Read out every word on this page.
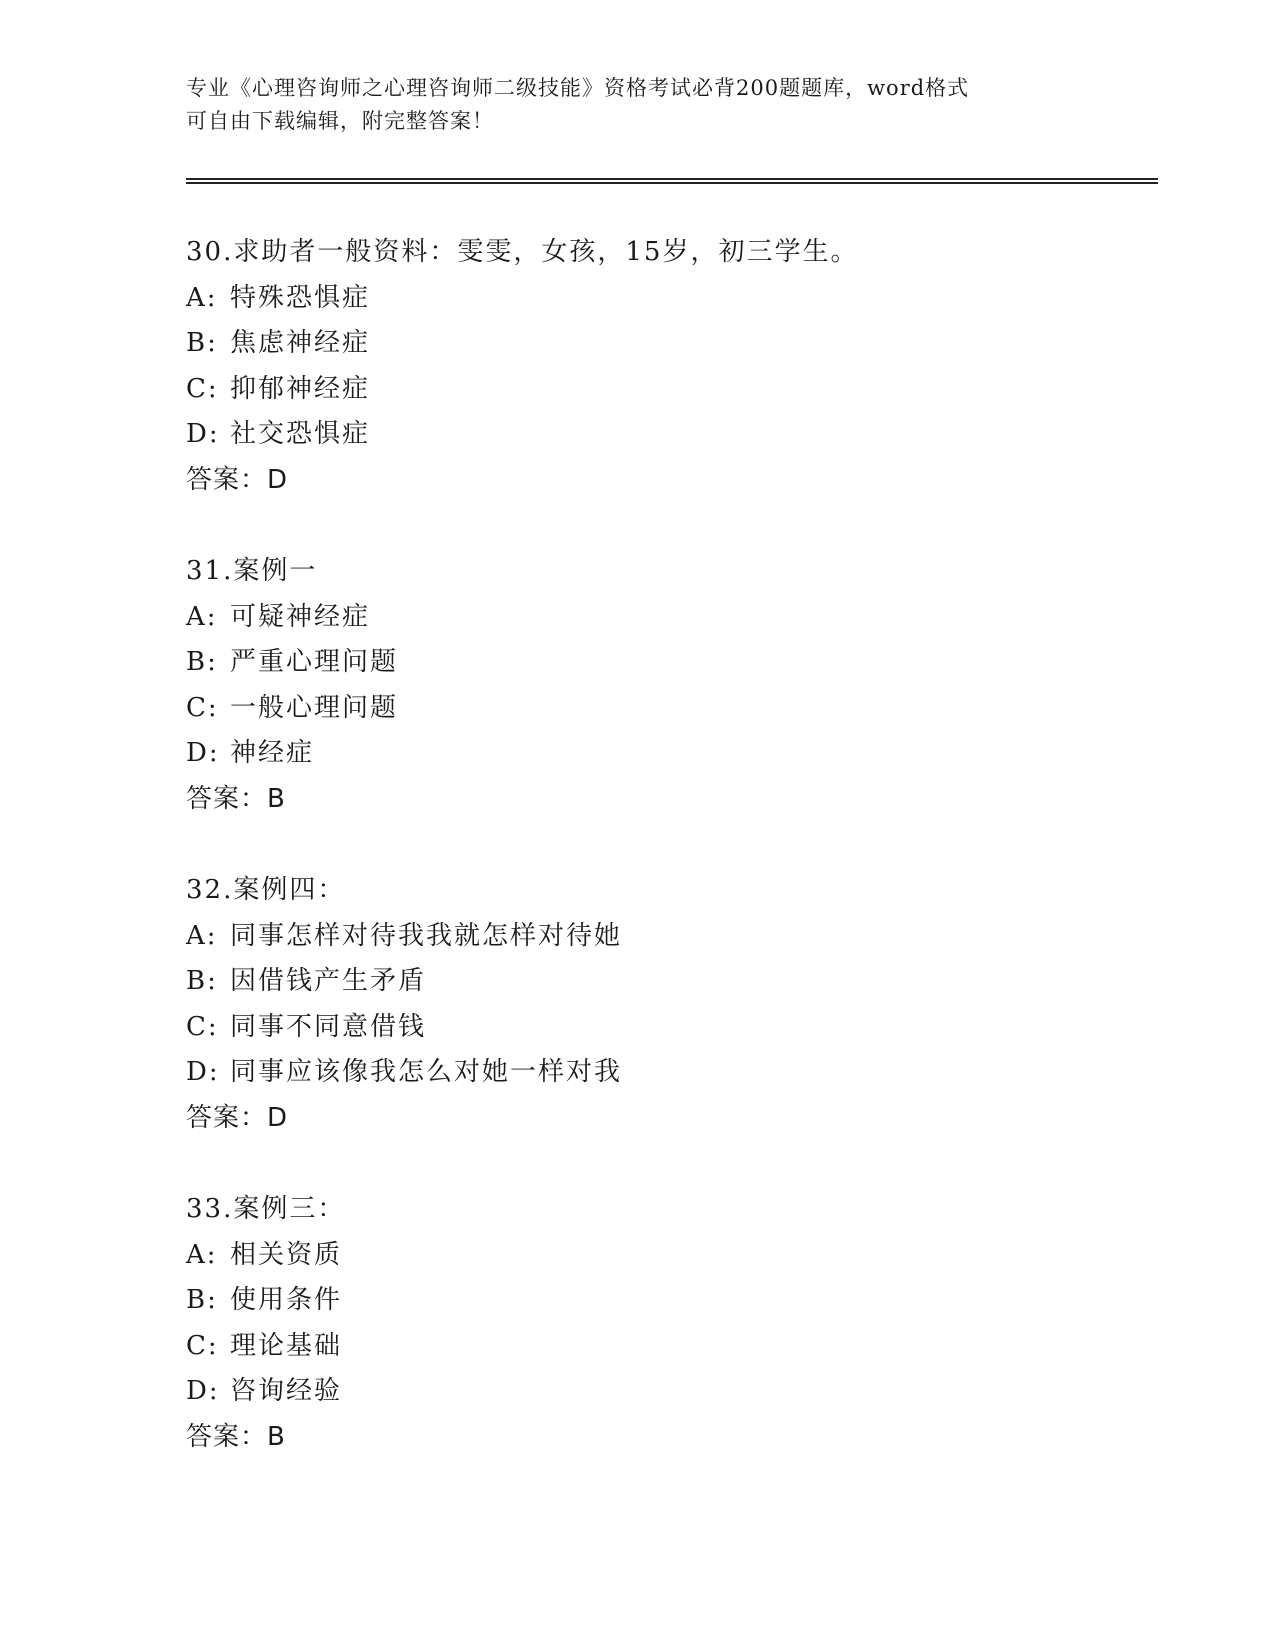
专业《心理咨询师之心理咨询师二级技能》资格考试必背200题题库，word格式
可自由下载编辑，附完整答案！
30.求助者一般资料：雯雯，女孩，15岁，初三学生。
A: 特殊恐惧症
B: 焦虑神经症
C: 抑郁神经症
D: 社交恐惧症
答案：D
31.案例一
A: 可疑神经症
B: 严重心理问题
C: 一般心理问题
D: 神经症
答案：B
32.案例四：
A: 同事怎样对待我我就怎样对待她
B: 因借钱产生矛盾
C: 同事不同意借钱
D: 同事应该像我怎么对她一样对我
答案：D
33.案例三：
A: 相关资质
B: 使用条件
C: 理论基础
D: 咨询经验
答案：B
